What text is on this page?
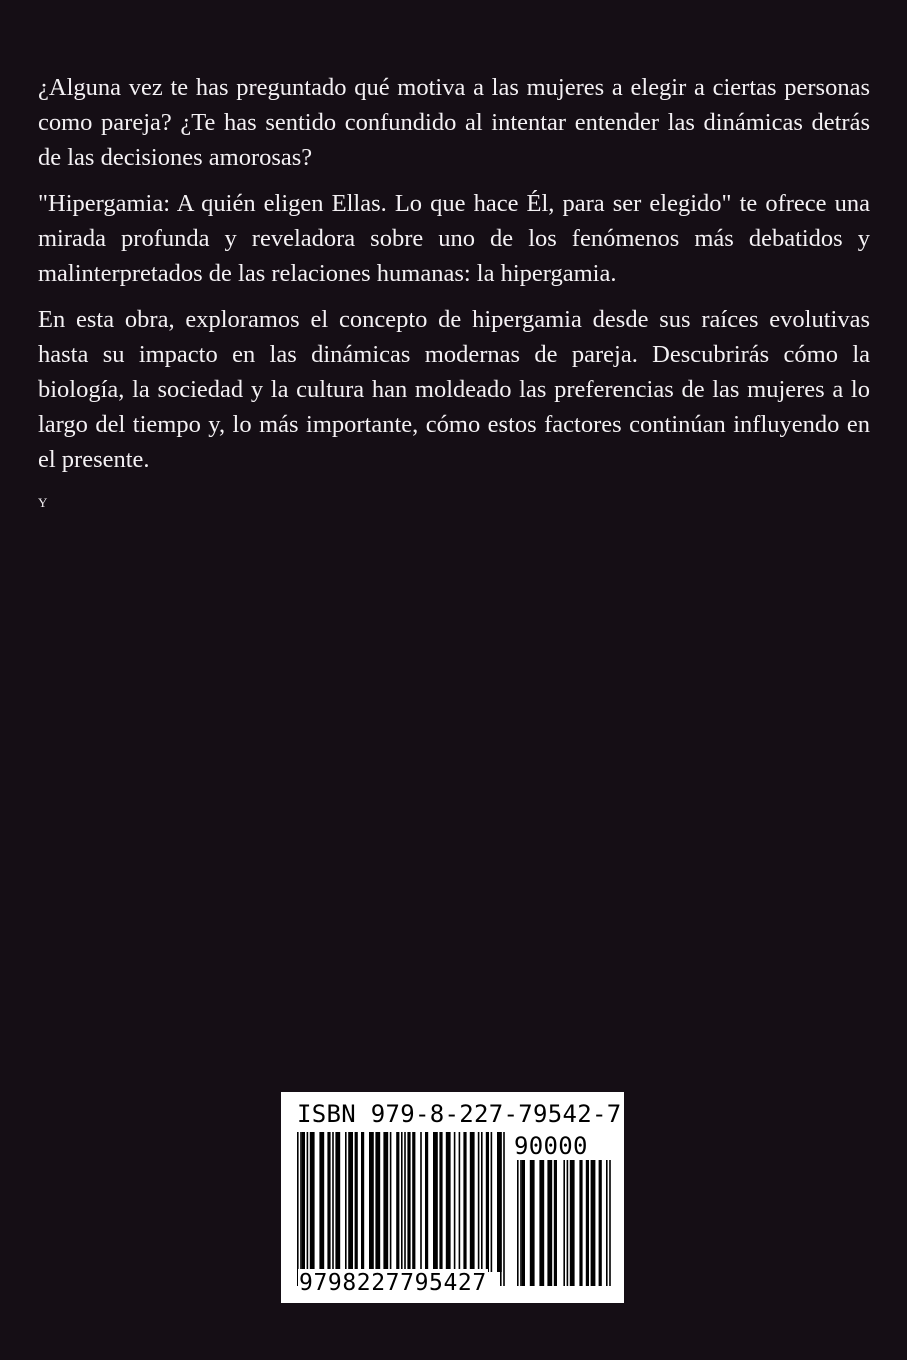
¿Alguna vez te has preguntado qué motiva a las mujeres a elegir a ciertas personas como pareja? ¿Te has sentido confundido al intentar entender las dinámicas detrás de las decisiones amorosas?

"Hipergamia: A quién eligen Ellas. Lo que hace Él, para ser elegido" te ofrece una mirada profunda y reveladora sobre uno de los fenómenos más debatidos y malinterpretados de las relaciones humanas: la hipergamia.

En esta obra, exploramos el concepto de hipergamia desde sus raíces evolutivas hasta su impacto en las dinámicas modernas de pareja. Descubrirás cómo la biología, la sociedad y la cultura han moldeado las preferencias de las mujeres a lo largo del tiempo y, lo más importante, cómo estos factores continúan influyendo en el presente.

Y
ISBN 979-8-227-79542-7
90000
9798227795427
